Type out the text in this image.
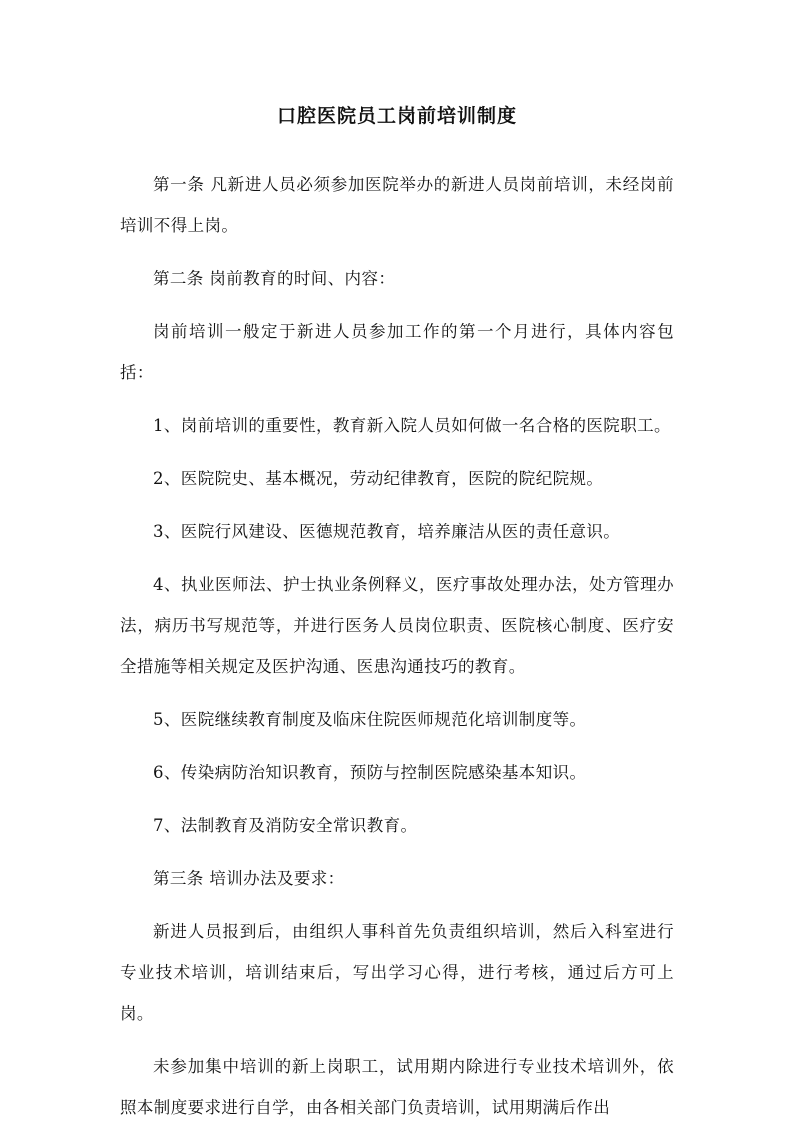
口腔医院员工岗前培训制度

第一条 凡新进人员必须参加医院举办的新进人员岗前培训，未经岗前培训不得上岗。

第二条 岗前教育的时间、内容：

岗前培训一般定于新进人员参加工作的第一个月进行，具体内容包括：

1、岗前培训的重要性，教育新入院人员如何做一名合格的医院职工。

2、医院院史、基本概况，劳动纪律教育，医院的院纪院规。

3、医院行风建设、医德规范教育，培养廉洁从医的责任意识。

4、执业医师法、护士执业条例释义，医疗事故处理办法，处方管理办法，病历书写规范等，并进行医务人员岗位职责、医院核心制度、医疗安全措施等相关规定及医护沟通、医患沟通技巧的教育。

5、医院继续教育制度及临床住院医师规范化培训制度等。

6、传染病防治知识教育，预防与控制医院感染基本知识。

7、法制教育及消防安全常识教育。

第三条 培训办法及要求：

新进人员报到后，由组织人事科首先负责组织培训，然后入科室进行专业技术培训，培训结束后，写出学习心得，进行考核，通过后方可上岗。

未参加集中培训的新上岗职工，试用期内除进行专业技术培训外，依照本制度要求进行自学，由各相关部门负责培训，试用期满后作出
